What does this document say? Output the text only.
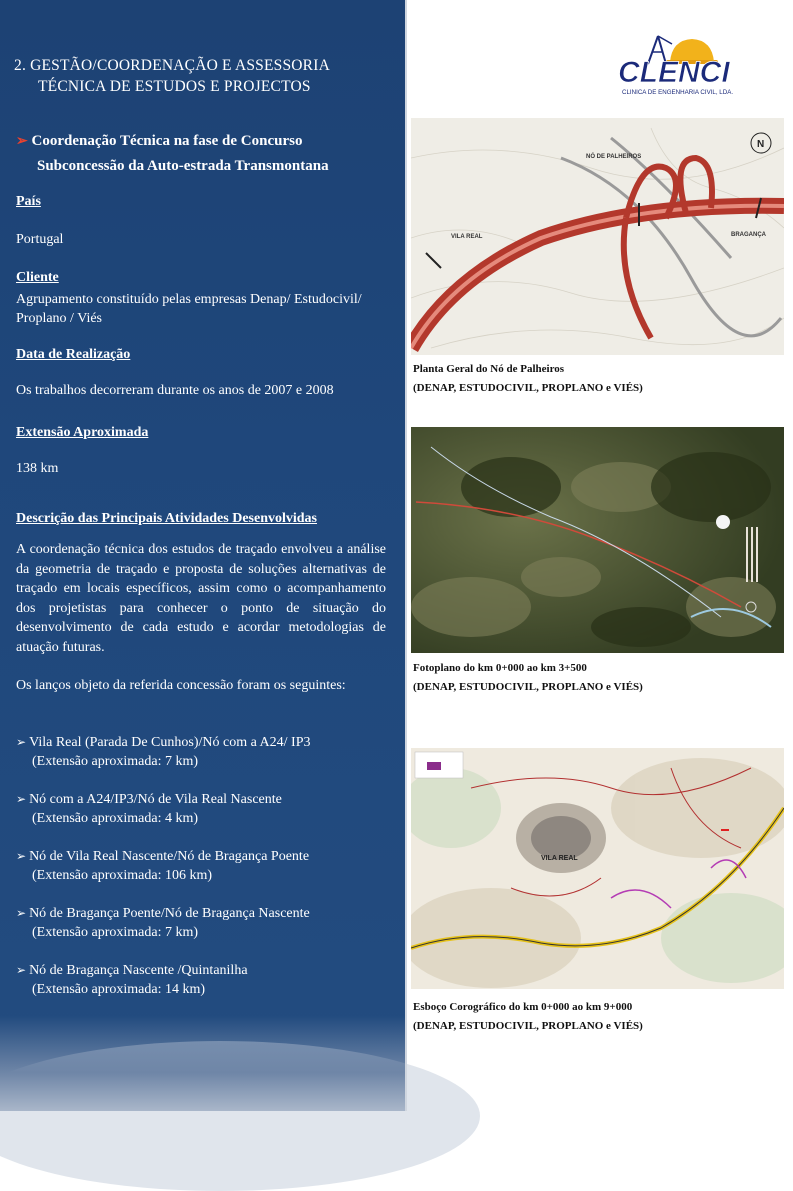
2. GESTÃO/COORDENAÇÃO E ASSESSORIA
TÉCNICA DE ESTUDOS E PROJECTOS
➢ Coordenação Técnica na fase de Concurso
Subconcessão da Auto-estrada Transmontana
País
Portugal
Cliente
Agrupamento constituído pelas empresas Denap/ Estudocivil/ Proplano / Viés
Data de Realização
Os trabalhos decorreram durante os anos de 2007 e 2008
Extensão Aproximada
138 km
Descrição das Principais Atividades Desenvolvidas
A coordenação técnica dos estudos de traçado envolveu a análise da geometria de traçado e proposta de soluções alternativas de traçado em locais específicos, assim como o acompanhamento dos projetistas para conhecer o ponto de situação do desenvolvimento de cada estudo e acordar metodologias de atuação futuras.
Os lanços objeto da referida concessão foram os seguintes:
➢ Vila Real (Parada De Cunhos)/Nó com a A24/ IP3
(Extensão aproximada: 7 km)
➢ Nó com a A24/IP3/Nó de Vila Real Nascente
(Extensão aproximada: 4 km)
➢ Nó de Vila Real Nascente/Nó de Bragança Poente
(Extensão aproximada: 106 km)
➢ Nó de Bragança Poente/Nó de Bragança Nascente
(Extensão aproximada: 7 km)
➢ Nó de Bragança Nascente /Quintanilha
(Extensão aproximada: 14 km)
CLENCI
CLINICA DE ENGENHARIA CIVIL, LDA.
N
NÓ DE PALHEIROS
BRAGANÇA
VILA REAL
Planta Geral do Nó de Palheiros
(DENAP, ESTUDOCIVIL, PROPLANO e VIÉS)
Fotoplano do km 0+000 ao km 3+500
(DENAP, ESTUDOCIVIL, PROPLANO e VIÉS)
VILA REAL
Esboço Corográfico do km 0+000 ao km 9+000
(DENAP, ESTUDOCIVIL, PROPLANO e VIÉS)
